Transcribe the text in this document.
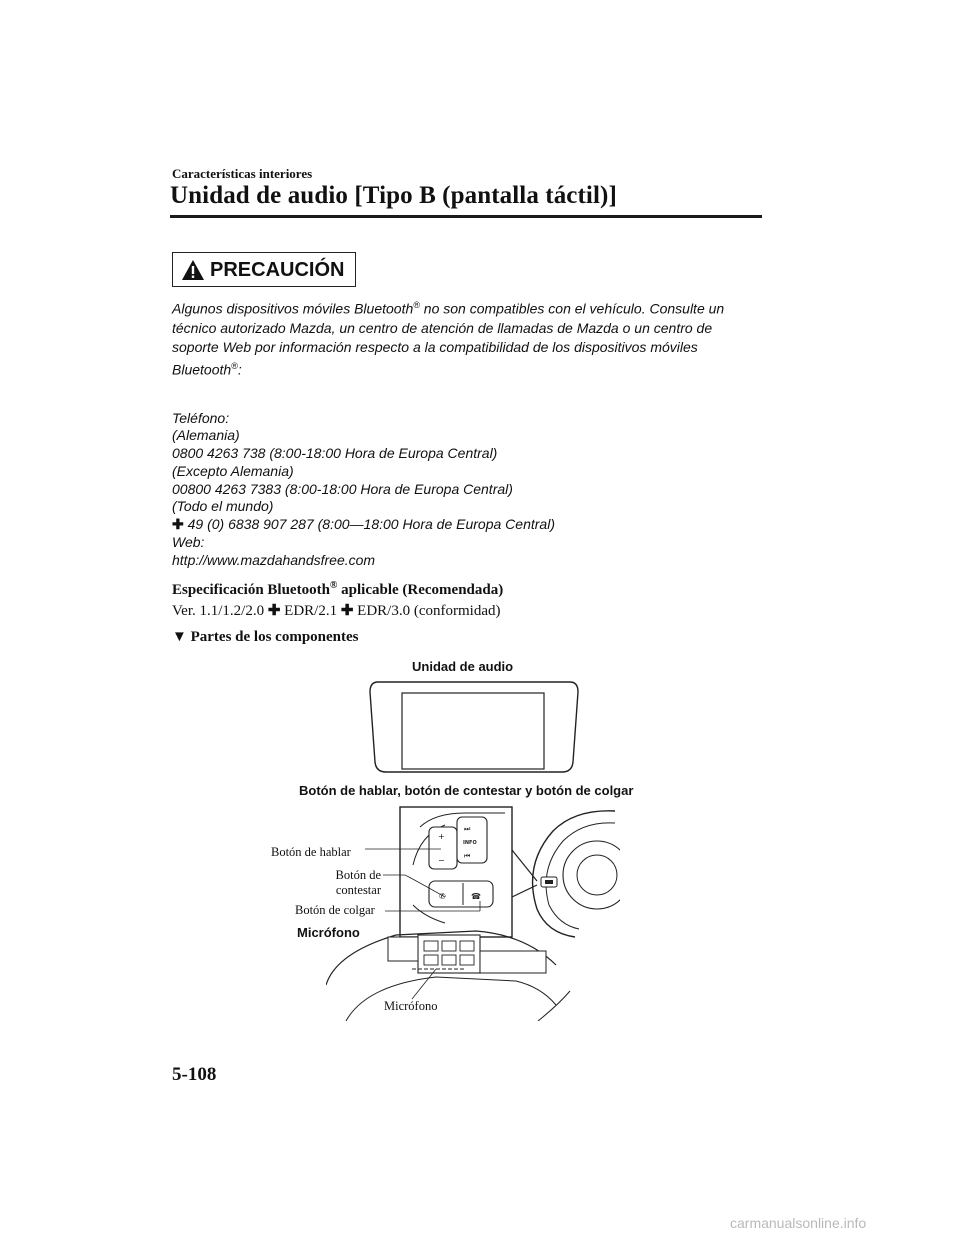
Características interiores
Unidad de audio [Tipo B (pantalla táctil)]
PRECAUCIÓN
Algunos dispositivos móviles Bluetooth® no son compatibles con el vehículo. Consulte un
técnico autorizado Mazda, un centro de atención de llamadas de Mazda o un centro de
soporte Web por información respecto a la compatibilidad de los dispositivos móviles
Bluetooth®:
Teléfono:
(Alemania)
0800 4263 738 (8:00-18:00 Hora de Europa Central)
(Excepto Alemania)
00800 4263 7383 (8:00-18:00 Hora de Europa Central)
(Todo el mundo)
✚ 49 (0) 6838 907 287 (8:00—18:00 Hora de Europa Central)
Web:
http://www.mazdahandsfree.com
Especificación Bluetooth® aplicable (Recomendada)
Ver. 1.1/1.2/2.0 ✚ EDR/2.1 ✚ EDR/3.0 (conformidad)
▼ Partes de los componentes
Unidad de audio
Botón de hablar, botón de contestar y botón de colgar
Botón de hablar
Botón de
contestar
Botón de colgar
Micrófono
Micrófono
+
−
⏭
INFO
⏮
✆	☎
5-108
carmanualsonline.info
